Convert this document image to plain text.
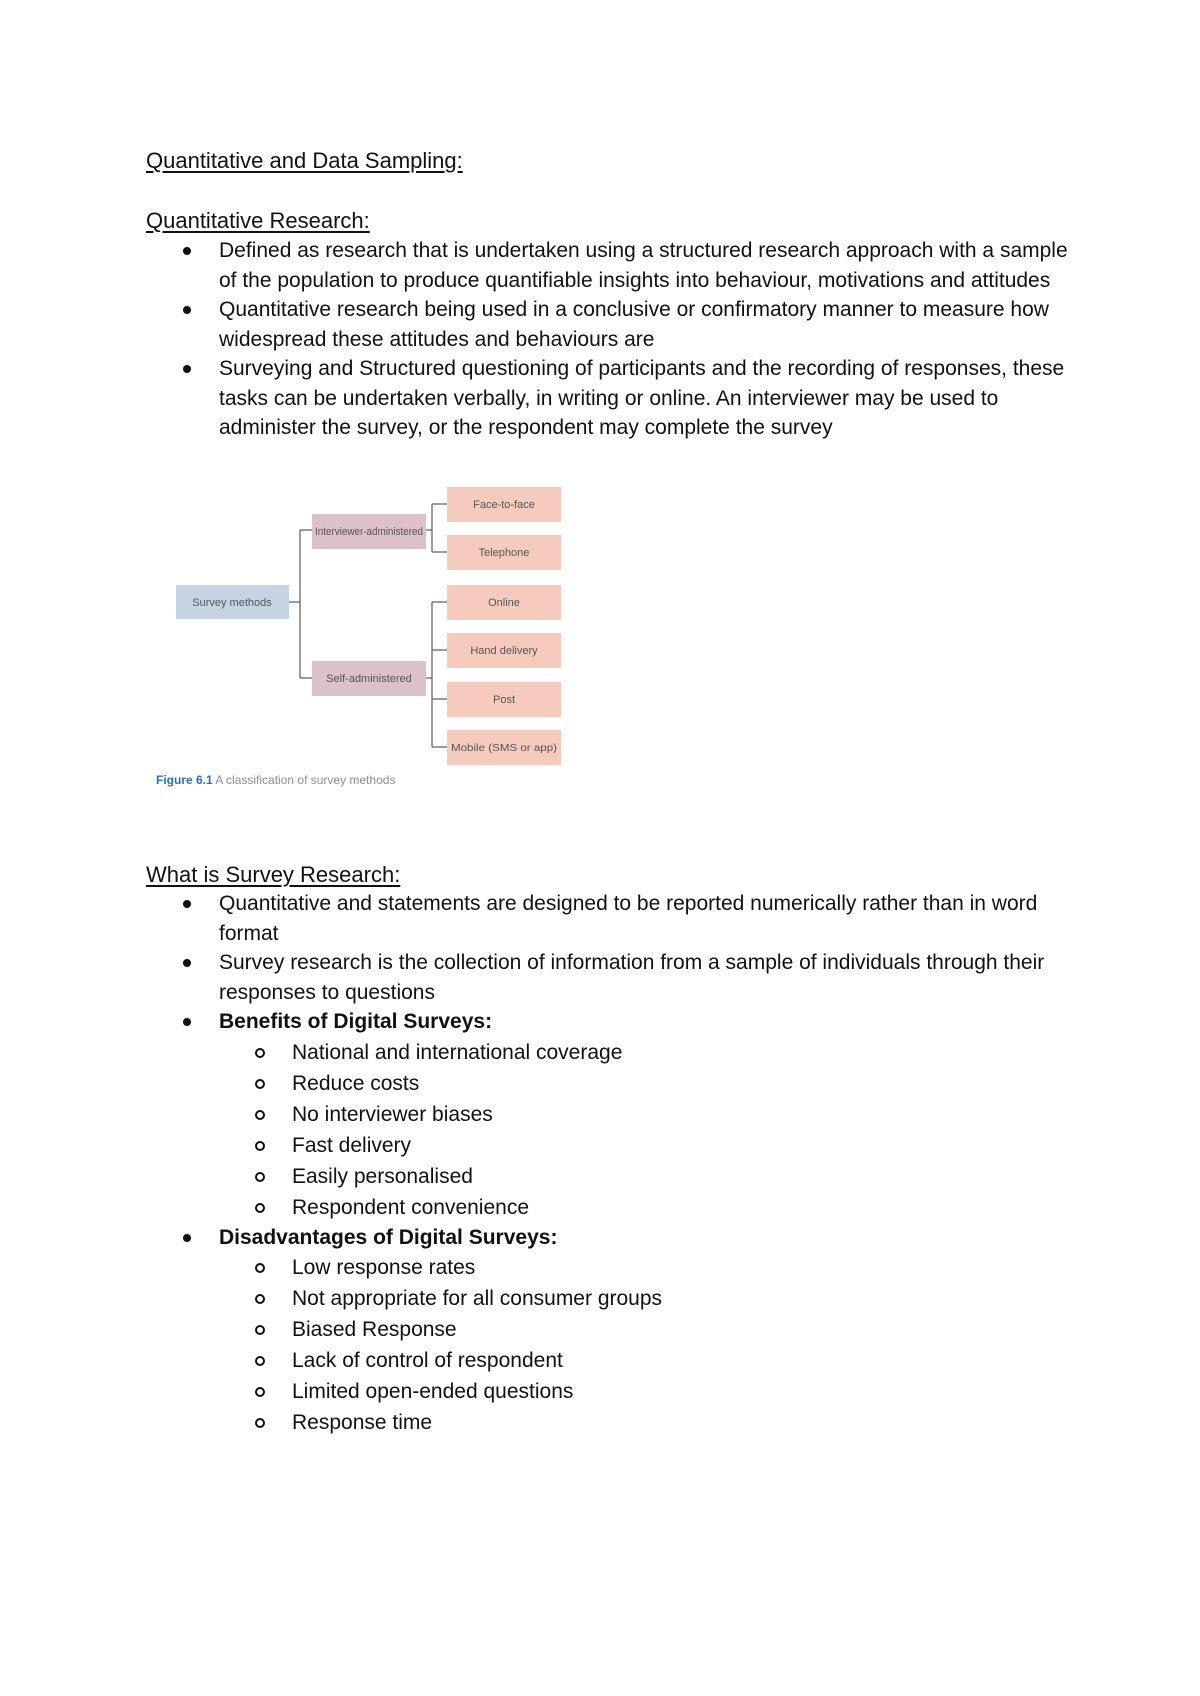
Quantitative and Data Sampling:
Quantitative Research:
Defined as research that is undertaken using a structured research approach with a sample of the population to produce quantifiable insights into behaviour, motivations and attitudes
Quantitative research being used in a conclusive or confirmatory manner to measure how widespread these attitudes and behaviours are
Surveying and Structured questioning of participants and the recording of responses, these tasks can be undertaken verbally, in writing or online. An interviewer may be used to administer the survey, or the respondent may complete the survey
Survey methods
Interviewer-administered
Self-administered
Face-to-face
Telephone
Online
Hand delivery
Post
Mobile (SMS or app)
Figure 6.1 A classification of survey methods
What is Survey Research:
Quantitative and statements are designed to be reported numerically rather than in word format
Survey research is the collection of information from a sample of individuals through their responses to questions
Benefits of Digital Surveys:
National and international coverage
Reduce costs
No interviewer biases
Fast delivery
Easily personalised
Respondent convenience
Disadvantages of Digital Surveys:
Low response rates
Not appropriate for all consumer groups
Biased Response
Lack of control of respondent
Limited open-ended questions
Response time
